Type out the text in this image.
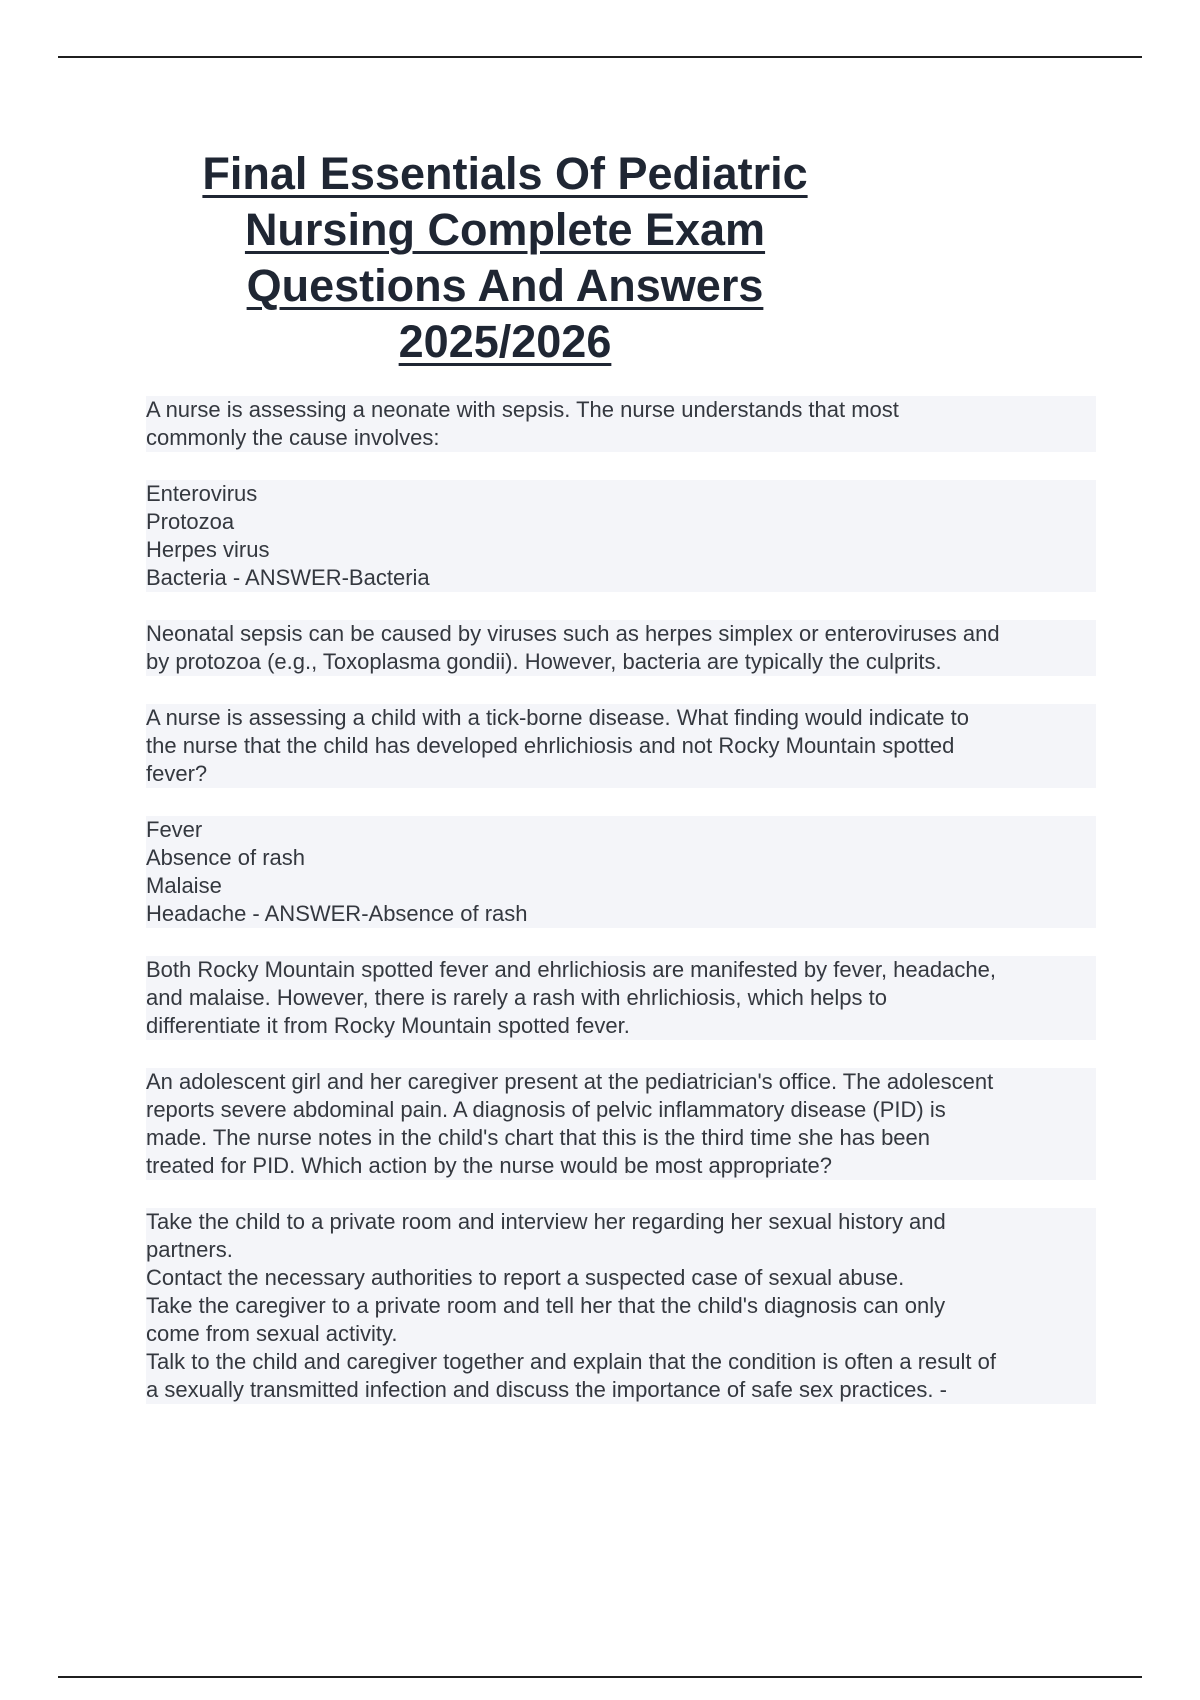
Final Essentials Of Pediatric
Nursing Complete Exam
Questions And Answers
2025/2026
A nurse is assessing a neonate with sepsis. The nurse understands that most
commonly the cause involves:
Enterovirus
Protozoa
Herpes virus
Bacteria - ANSWER-Bacteria
Neonatal sepsis can be caused by viruses such as herpes simplex or enteroviruses and
by protozoa (e.g., Toxoplasma gondii). However, bacteria are typically the culprits.
A nurse is assessing a child with a tick-borne disease. What finding would indicate to
the nurse that the child has developed ehrlichiosis and not Rocky Mountain spotted
fever?
Fever
Absence of rash
Malaise
Headache - ANSWER-Absence of rash
Both Rocky Mountain spotted fever and ehrlichiosis are manifested by fever, headache,
and malaise. However, there is rarely a rash with ehrlichiosis, which helps to
differentiate it from Rocky Mountain spotted fever.
An adolescent girl and her caregiver present at the pediatrician's office. The adolescent
reports severe abdominal pain. A diagnosis of pelvic inflammatory disease (PID) is
made. The nurse notes in the child's chart that this is the third time she has been
treated for PID. Which action by the nurse would be most appropriate?
Take the child to a private room and interview her regarding her sexual history and
partners.
Contact the necessary authorities to report a suspected case of sexual abuse.
Take the caregiver to a private room and tell her that the child's diagnosis can only
come from sexual activity.
Talk to the child and caregiver together and explain that the condition is often a result of
a sexually transmitted infection and discuss the importance of safe sex practices. -
